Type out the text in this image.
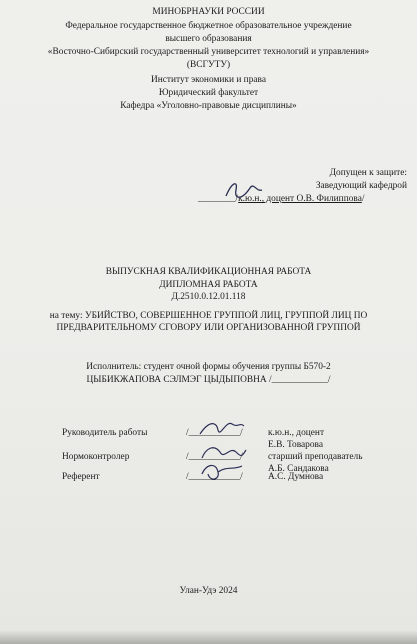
МИНОБРНАУКИ РОССИИ
Федеральное государственное бюджетное образовательное учреждение
высшего образования
«Восточно-Сибирский государственный университет технологий и управления»
(ВСГУТУ)
Институт экономики и права
Юридический факультет
Кафедра «Уголовно-правовые дисциплины»
Допущен к защите:
Заведующий кафедрой
________/к.ю.н., доцент О.В. Филиппова/
ВЫПУСКНАЯ КВАЛИФИКАЦИОННАЯ РАБОТА
ДИПЛОМНАЯ РАБОТА
Д.2510.0.12.01.118
на тему: УБИЙСТВО, СОВЕРШЕННОЕ ГРУППОЙ ЛИЦ, ГРУППОЙ ЛИЦ ПО
ПРЕДВАРИТЕЛЬНОМУ СГОВОРУ ИЛИ ОРГАНИЗОВАННОЙ ГРУППОЙ
Исполнитель: студент очной формы обучения группы Б570-2
ЦЫБИКЖАПОВА СЭЛМЭГ ЦЫДЫПОВНА /____________/
Руководитель работы	/___________/	к.ю.н., доцент
Е.В. Товарова
Нормоконтролер	/___________/	старший преподаватель
А.Б. Сандакова
Референт	/___________/	А.С. Думнова
Улан-Удэ 2024
